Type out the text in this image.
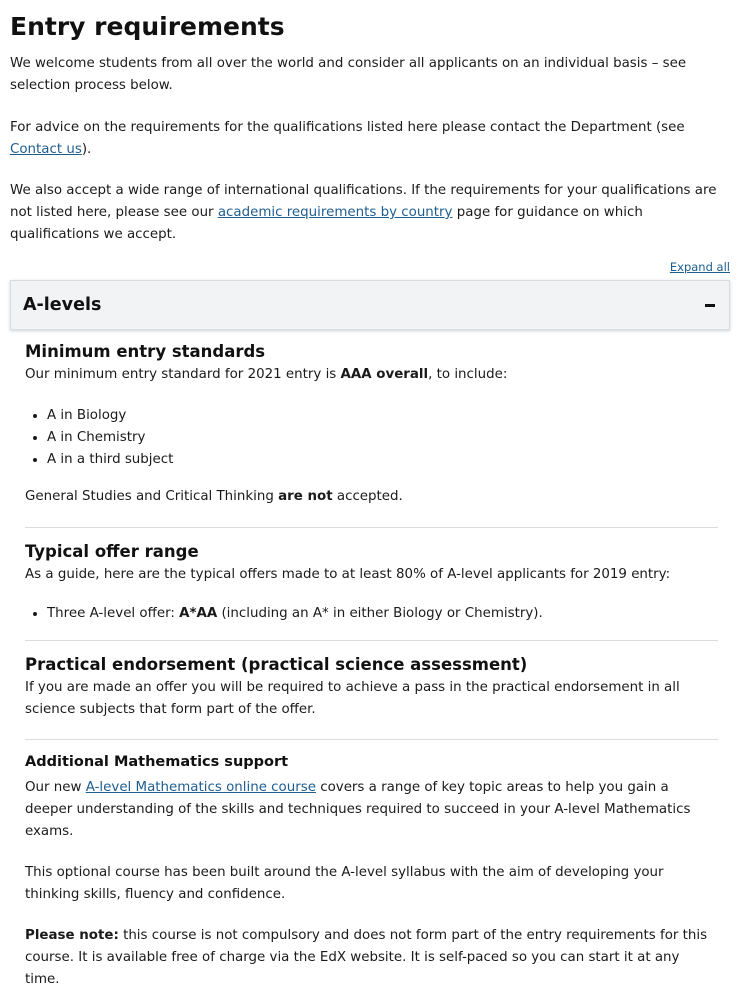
Entry requirements

We welcome students from all over the world and consider all applicants on an individual basis – see selection process below.

For advice on the requirements for the qualifications listed here please contact the Department (see Contact us).

We also accept a wide range of international qualifications. If the requirements for your qualifications are not listed here, please see our academic requirements by country page for guidance on which qualifications we accept.

Expand all
A-levels
Minimum entry standards

Our minimum entry standard for 2021 entry is AAA overall, to include:

• A in Biology
• A in Chemistry
• A in a third subject

General Studies and Critical Thinking are not accepted.

Typical offer range

As a guide, here are the typical offers made to at least 80% of A-level applicants for 2019 entry:

• Three A-level offer: A*AA (including an A* in either Biology or Chemistry).
Practical endorsement (practical science assessment)

If you are made an offer you will be required to achieve a pass in the practical endorsement in all science subjects that form part of the offer.

Additional Mathematics support

Our new A-level Mathematics online course covers a range of key topic areas to help you gain a deeper understanding of the skills and techniques required to succeed in your A-level Mathematics exams.

This optional course has been built around the A-level syllabus with the aim of developing your thinking skills, fluency and confidence.

Please note: this course is not compulsory and does not form part of the entry requirements for this course. It is available free of charge via the EdX website. It is self-paced so you can start it at any time.
